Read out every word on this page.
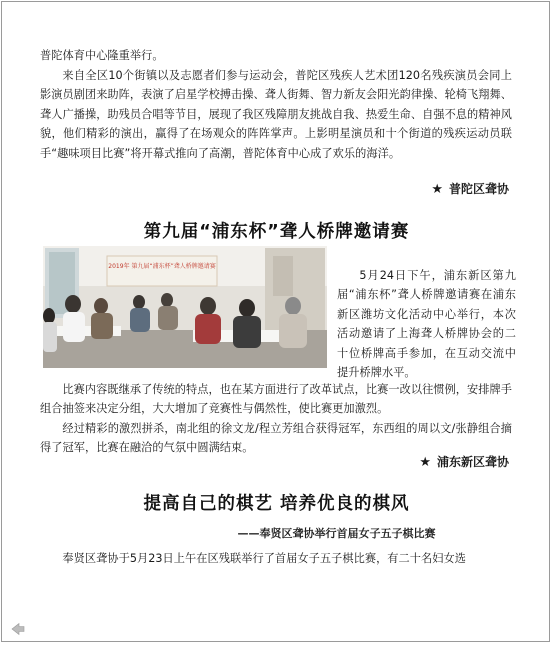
普陀体育中心隆重举行。

来自全区10个街镇以及志愿者们参与运动会，普陀区残疾人艺术团120名残疾演员会同上影演员剧团来助阵，表演了启星学校搏击操、聋人街舞、智力新友会阳光韵律操、轮椅飞翔舞、聋人广播操，助残员合唱等节目，展现了我区残障朋友挑战自我、热爱生命、自强不息的精神风貌，他们精彩的演出，赢得了在场观众的阵阵掌声。上影明星演员和十个街道的残疾运动员联手“趣味项目比赛”将开幕式推向了高潮，普陀体育中心成了欢乐的海洋。

★ 普陀区聋协

第九届“浦东杯”聋人桥牌邀请赛
2019年 第九届“浦东杯”聋人桥牌邀请赛

5月24日下午，浦东新区第九届“浦东杯”聋人桥牌邀请赛在浦东新区潍坊文化活动中心举行，本次活动邀请了上海聋人桥牌协会的二十位桥牌高手参加，在互动交流中提升桥牌水平。

比赛内容既继承了传统的特点，也在某方面进行了改革试点，比赛一改以往惯例，安排牌手组合抽签来决定分组，大大增加了竞赛性与偶然性，使比赛更加激烈。

经过精彩的激烈拼杀，南北组的徐文龙/程立芳组合获得冠军，东西组的周以文/张静组合摘得了冠军，比赛在融洽的气氛中圆满结束。

★ 浦东新区聋协

提高自己的棋艺 培养优良的棋风

——奉贤区聋协举行首届女子五子棋比赛

奉贤区聋协于5月23日上午在区残联举行了首届女子五子棋比赛，有二十名妇女选
